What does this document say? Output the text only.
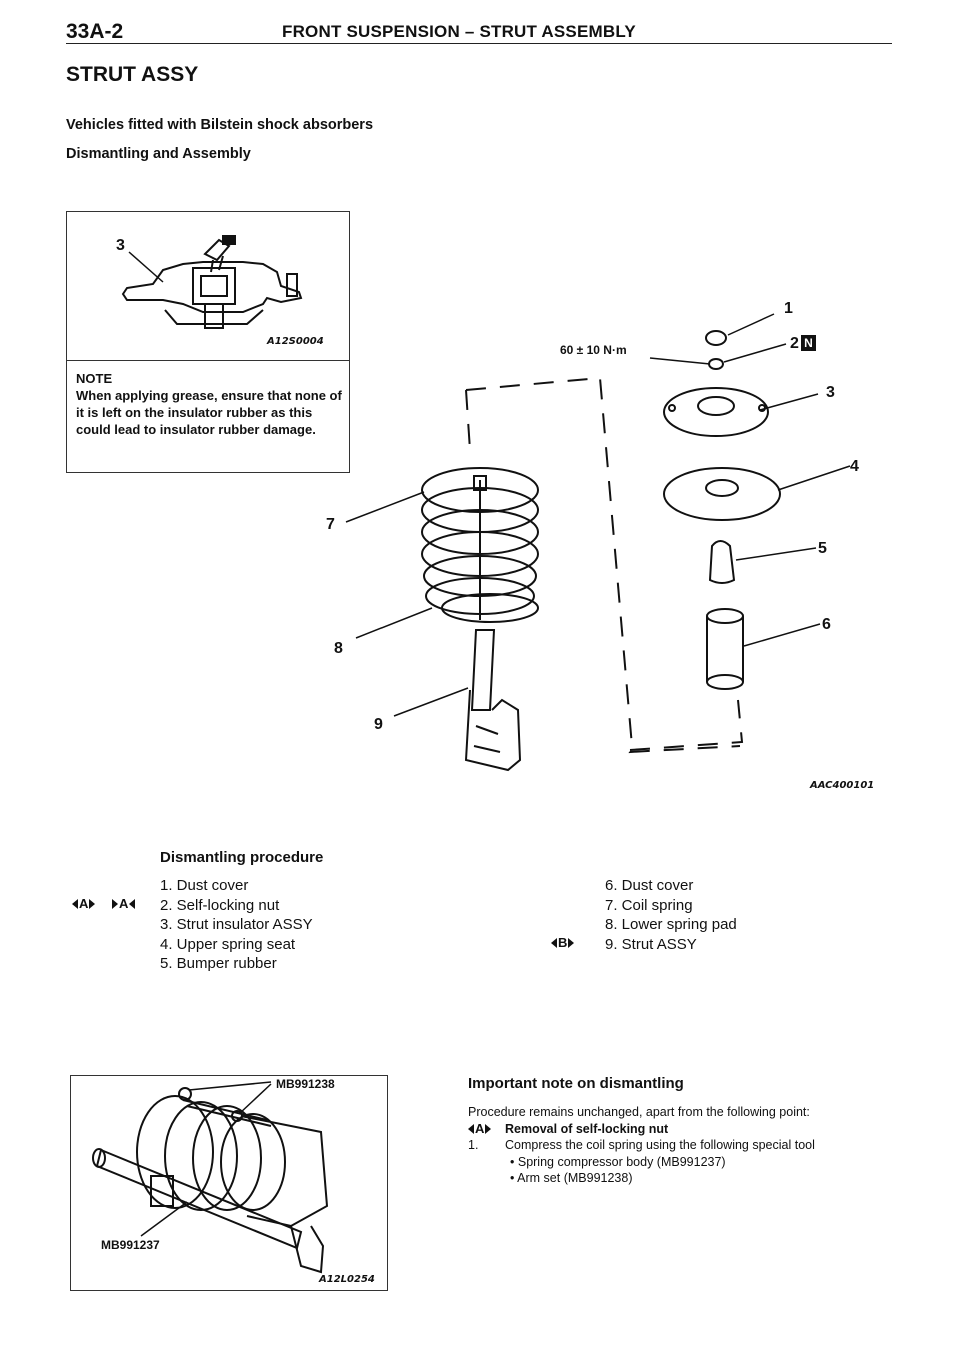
33A-2	FRONT SUSPENSION – STRUT ASSEMBLY
STRUT ASSY
Vehicles fitted with Bilstein shock absorbers
Dismantling and Assembly
3
A12S0004
NOTE
When applying grease, ensure that none of it is left on the insulator rubber as this could lead to insulator rubber damage.
60 ± 10 N·m
1
2 N
3
4
5
6
7
8
9
AAC400101
Dismantling procedure
A A
B
1. Dust cover
2. Self-locking nut
3. Strut insulator ASSY
4. Upper spring seat
5. Bumper rubber
6. Dust cover
7. Coil spring
8. Lower spring pad
9. Strut ASSY
MB991238
MB991237
A12L0254
Important note on dismantling
Procedure remains unchanged, apart from the following point:
A Removal of self-locking nut
1.	Compress the coil spring using the following special tool
• Spring compressor body (MB991237)
• Arm set (MB991238)
